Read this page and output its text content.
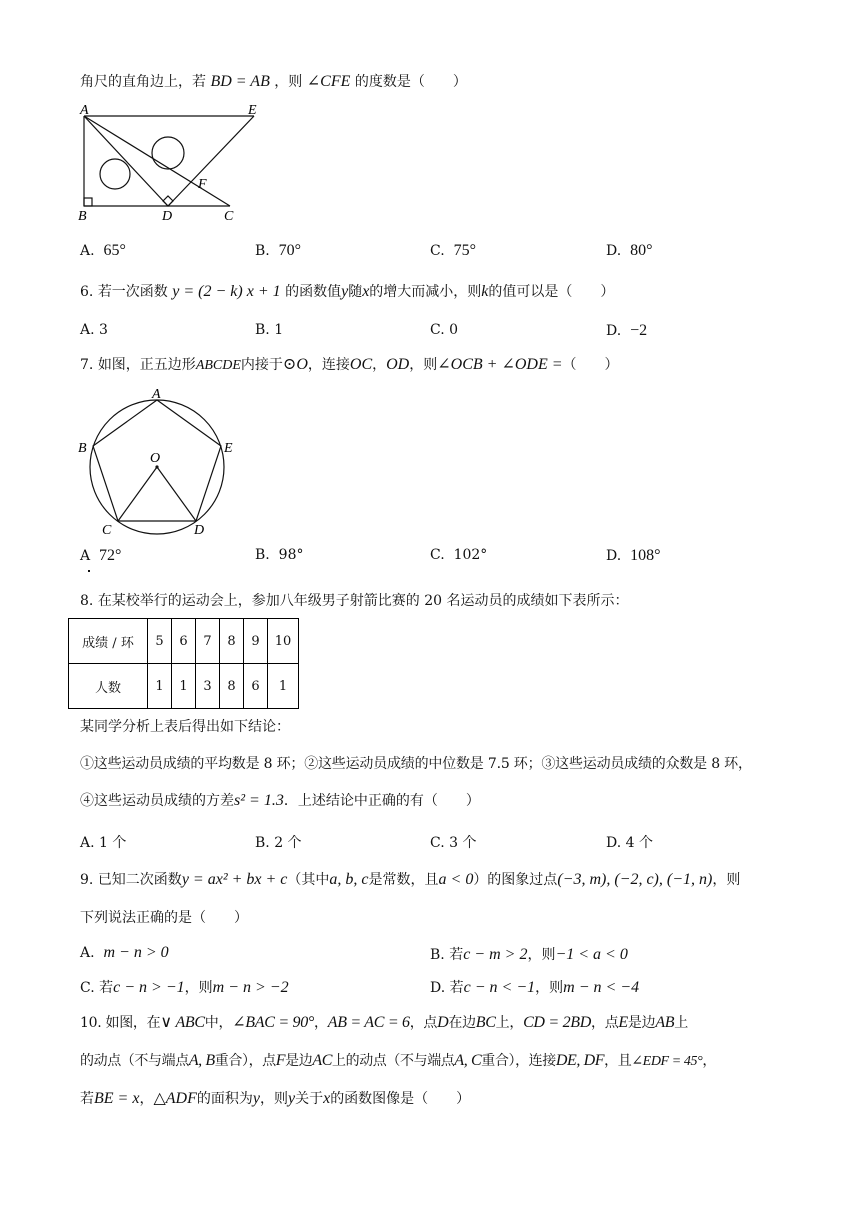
角尺的直角边上，若 BD = AB ，则 ∠CFE 的度数是（　　）
A	E
F
B	D	C
A. 65°	B. 70°	C. 75°	D. 80°
6. 若一次函数 y = (2 − k) x + 1 的函数值y随x的增大而减小，则k的值可以是（　　）
A. 3	B. 1	C. 0	D. −2
7. 如图，正五边形ABCDE内接于⊙O，连接OC，OD，则∠OCB + ∠ODE =（　　）
A
B	E
O
C	D
A 72°	B. 98°	C. 102°	D. 108°
8. 在某校举行的运动会上，参加八年级男子射箭比赛的 20 名运动员的成绩如下表所示：
成绩 / 环	5	6	7	8	9	10
人数	1	1	3	8	6	1
某同学分析上表后得出如下结论：
①这些运动员成绩的平均数是 8 环；②这些运动员成绩的中位数是 7.5 环；③这些运动员成绩的众数是 8 环，
④这些运动员成绩的方差s² = 1.3．上述结论中正确的有（　　）
A. 1 个	B. 2 个	C. 3 个	D. 4 个
9. 已知二次函数y = ax² + bx + c（其中a, b, c是常数，且a < 0）的图象过点(−3, m), (−2, c), (−1, n)，则
下列说法正确的是（　　）
A. m − n > 0	B. 若c − m > 2，则−1 < a < 0
C. 若c − n > −1，则m − n > −2	D. 若c − n < −1，则m − n < −4
10. 如图，在∨ ABC中，∠BAC = 90°，AB = AC = 6，点D在边BC上，CD = 2BD，点E是边AB上
的动点（不与端点A, B重合），点F是边AC上的动点（不与端点A, C重合），连接DE, DF，且∠EDF = 45°，
若BE = x，△ADF的面积为y，则y关于x的函数图像是（　　）
